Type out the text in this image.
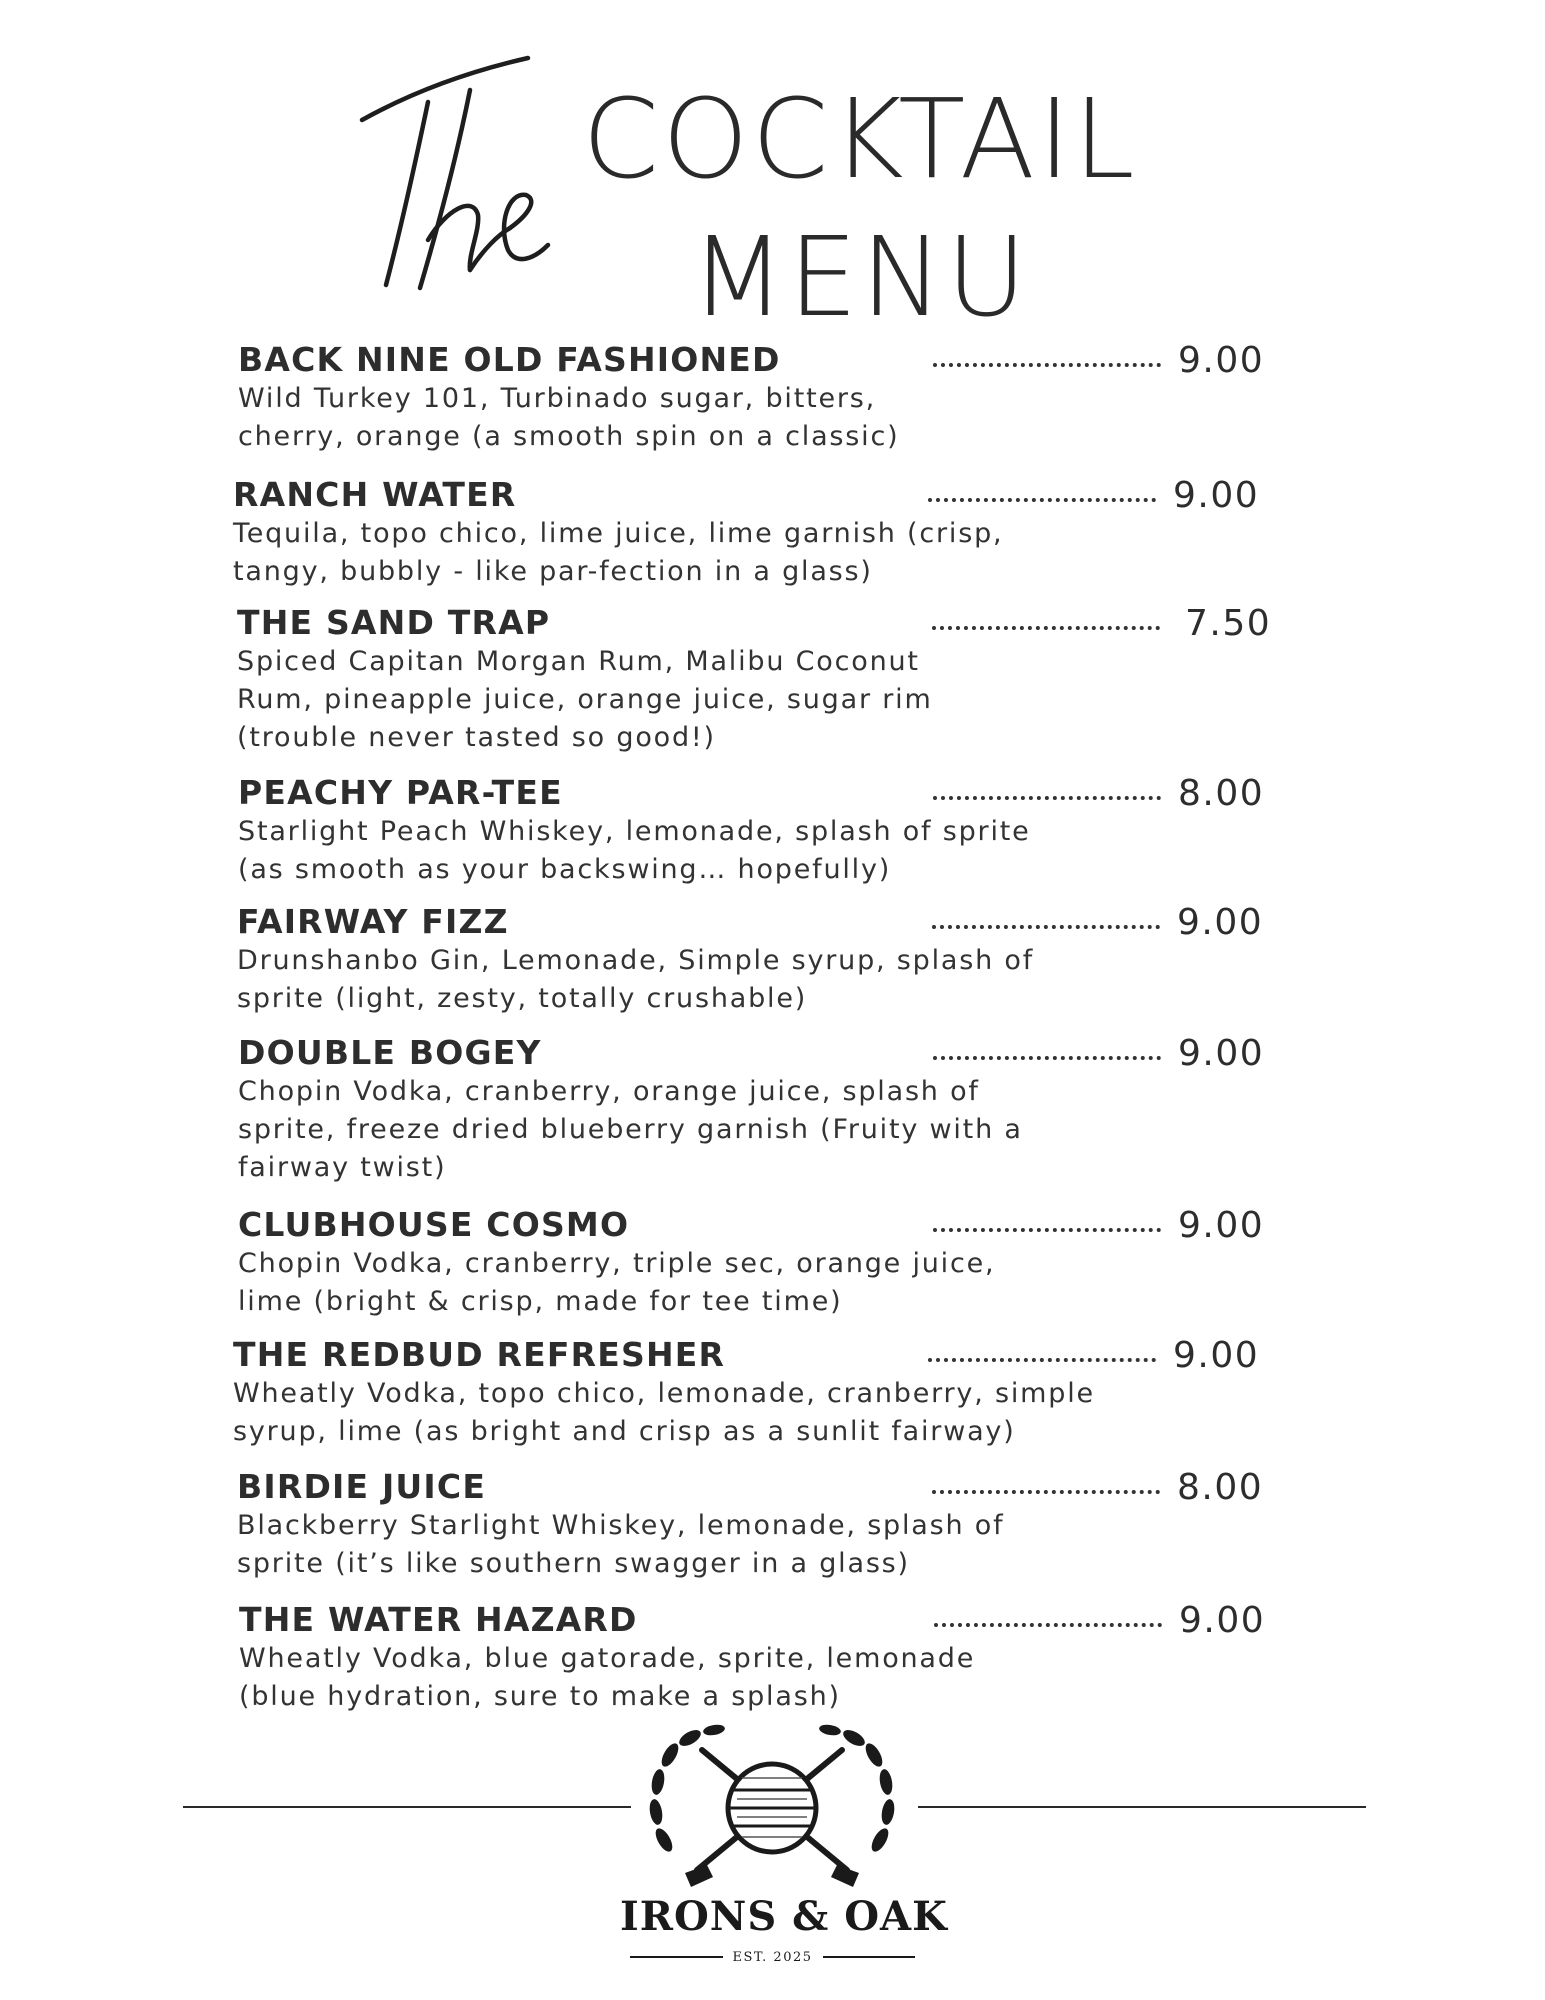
COCKTAIL
MENU
BACK NINE OLD FASHIONED
Wild Turkey 101, Turbinado sugar, bitters, cherry, orange (a smooth spin on a classic)
9.00
RANCH WATER
Tequila, topo chico, lime juice, lime garnish (crisp, tangy, bubbly - like par-fection in a glass)
9.00
THE SAND TRAP
Spiced Capitan Morgan Rum, Malibu Coconut Rum, pineapple juice, orange juice, sugar rim (trouble never tasted so good!)
7.50
PEACHY PAR-TEE
Starlight Peach Whiskey, lemonade, splash of sprite (as smooth as your backswing… hopefully)
8.00
FAIRWAY FIZZ
Drunshanbo Gin, Lemonade, Simple syrup, splash of sprite (light, zesty, totally crushable)
9.00
DOUBLE BOGEY
Chopin Vodka, cranberry, orange juice, splash of sprite, freeze dried blueberry garnish (Fruity with a fairway twist)
9.00
CLUBHOUSE COSMO
Chopin Vodka, cranberry, triple sec, orange juice, lime (bright & crisp, made for tee time)
9.00
THE REDBUD REFRESHER
Wheatly Vodka, topo chico, lemonade, cranberry, simple syrup, lime (as bright and crisp as a sunlit fairway)
9.00
BIRDIE JUICE
Blackberry Starlight Whiskey, lemonade, splash of sprite (it’s like southern swagger in a glass)
8.00
THE WATER HAZARD
Wheatly Vodka, blue gatorade, sprite, lemonade (blue hydration, sure to make a splash)
9.00
IRONS & OAK
EST. 2025
